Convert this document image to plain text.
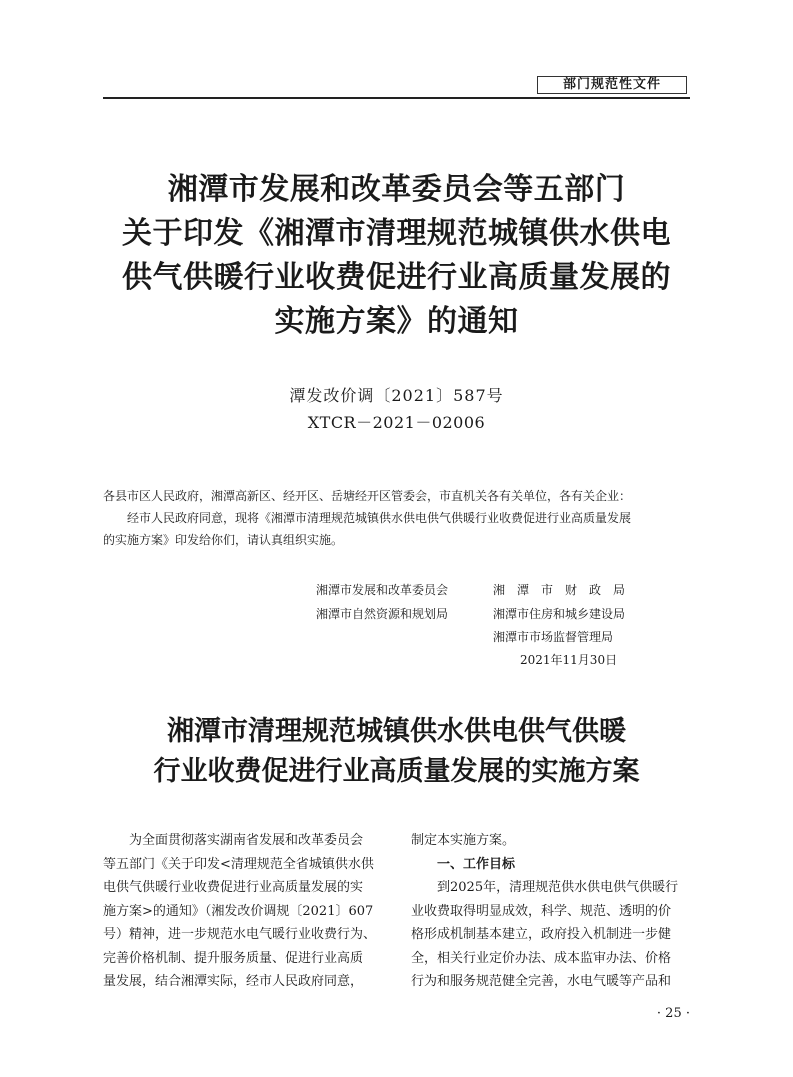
部门规范性文件
湘潭市发展和改革委员会等五部门
关于印发《湘潭市清理规范城镇供水供电
供气供暖行业收费促进行业高质量发展的
实施方案》的通知
潭发改价调〔2021〕587号
XTCR－2021－02006
各县市区人民政府，湘潭高新区、经开区、岳塘经开区管委会，市直机关各有关单位，各有关企业：
经市人民政府同意，现将《湘潭市清理规范城镇供水供电供气供暖行业收费促进行业高质量发展
的实施方案》印发给你们，请认真组织实施。
湘潭市发展和改革委员会
湘潭市自然资源和规划局
湘　潭　市　财　政　局
湘潭市住房和城乡建设局
湘潭市市场监督管理局
2021年11月30日
湘潭市清理规范城镇供水供电供气供暖
行业收费促进行业高质量发展的实施方案
　　为全面贯彻落实湖南省发展和改革委员会
等五部门《关于印发<清理规范全省城镇供水供
电供气供暖行业收费促进行业高质量发展的实
施方案>的通知》（湘发改价调规〔2021〕607
号）精神，进一步规范水电气暖行业收费行为、
完善价格机制、提升服务质量、促进行业高质
量发展，结合湘潭实际，经市人民政府同意，
制定本实施方案。
一、工作目标
　　到2025年，清理规范供水供电供气供暖行
业收费取得明显成效，科学、规范、透明的价
格形成机制基本建立，政府投入机制进一步健
全，相关行业定价办法、成本监审办法、价格
行为和服务规范健全完善，水电气暖等产品和
· 25 ·
